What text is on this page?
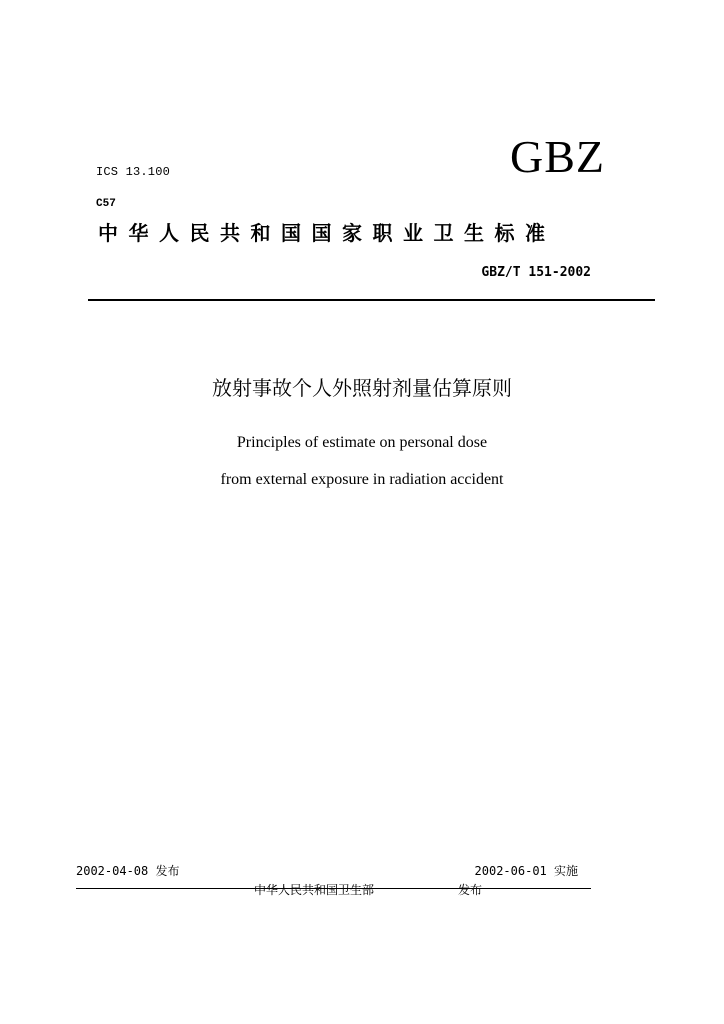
ICS 13.100	GBZ
C57
中华人民共和国国家职业卫生标准
GBZ/T 151-2002
放射事故个人外照射剂量估算原则
Principles of estimate on personal dose
from external exposure in radiation accident
2002-04-08 发布	2002-06-01 实施
中华人民共和国卫生部	发布
